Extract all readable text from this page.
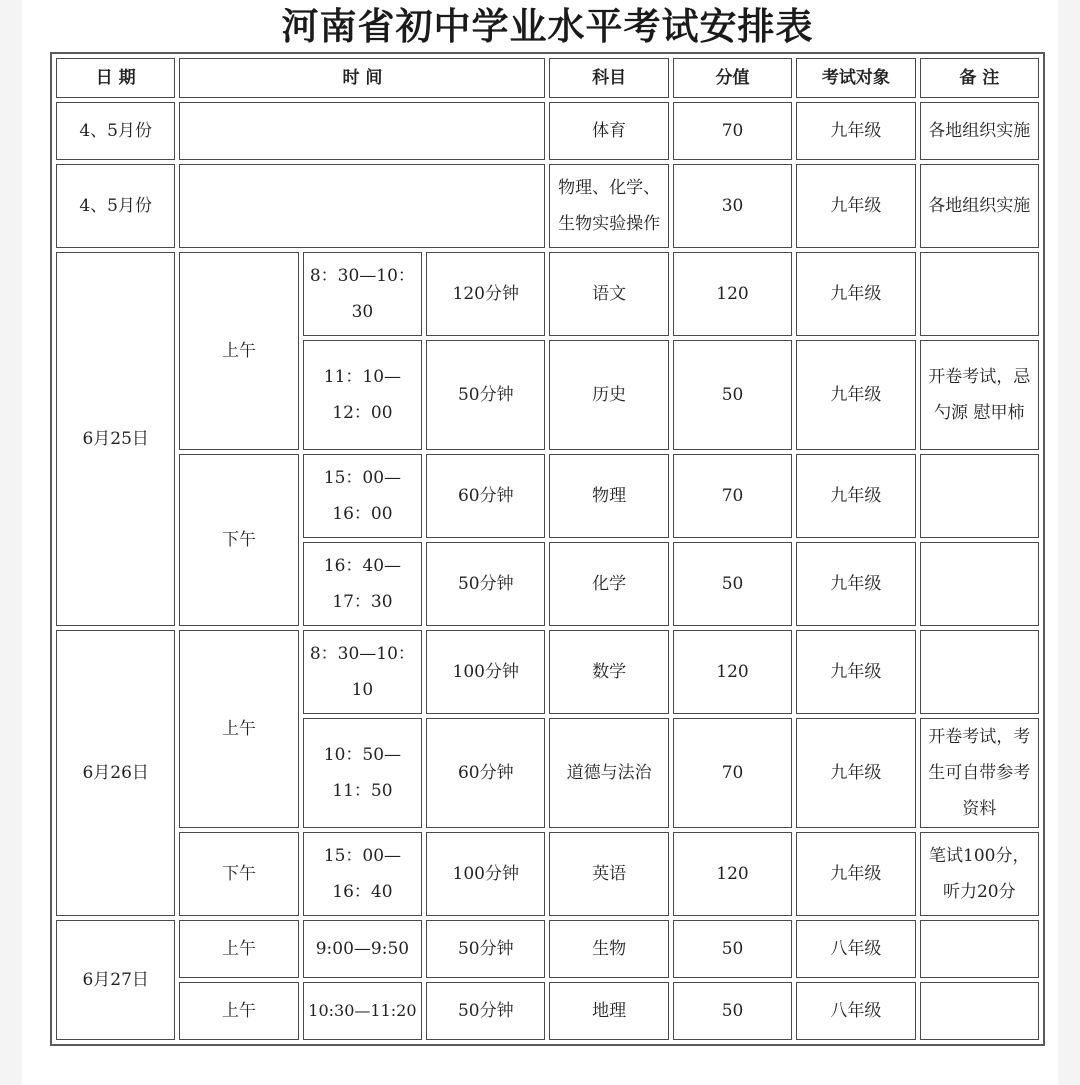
河南省初中学业水平考试安排表
日 期	时 间			科目	分值	考试对象	备 注
4、5月份				体育	70	九年级	各地组织实施
4、5月份				物理、化学、生物实验操作	30	九年级	各地组织实施
6月25日	上午	8：30—10：30	120分钟	语文	120	九年级	
		11：10—12：00	50分钟	历史	50	九年级	开卷考试，忌 勺源 慰甲柿
	下午	15：00—16：00	60分钟	物理	70	九年级	
		16：40—17：30	50分钟	化学	50	九年级	
6月26日	上午	8：30—10：10	100分钟	数学	120	九年级	
		10：50—11：50	60分钟	道德与法治	70	九年级	开卷考试，考生可自带参考资料
	下午	15：00—16：40	100分钟	英语	120	九年级	笔试100分，听力20分
6月27日	上午	9:00—9:50	50分钟	生物	50	八年级	
	上午	10:30—11:20	50分钟	地理	50	八年级	
